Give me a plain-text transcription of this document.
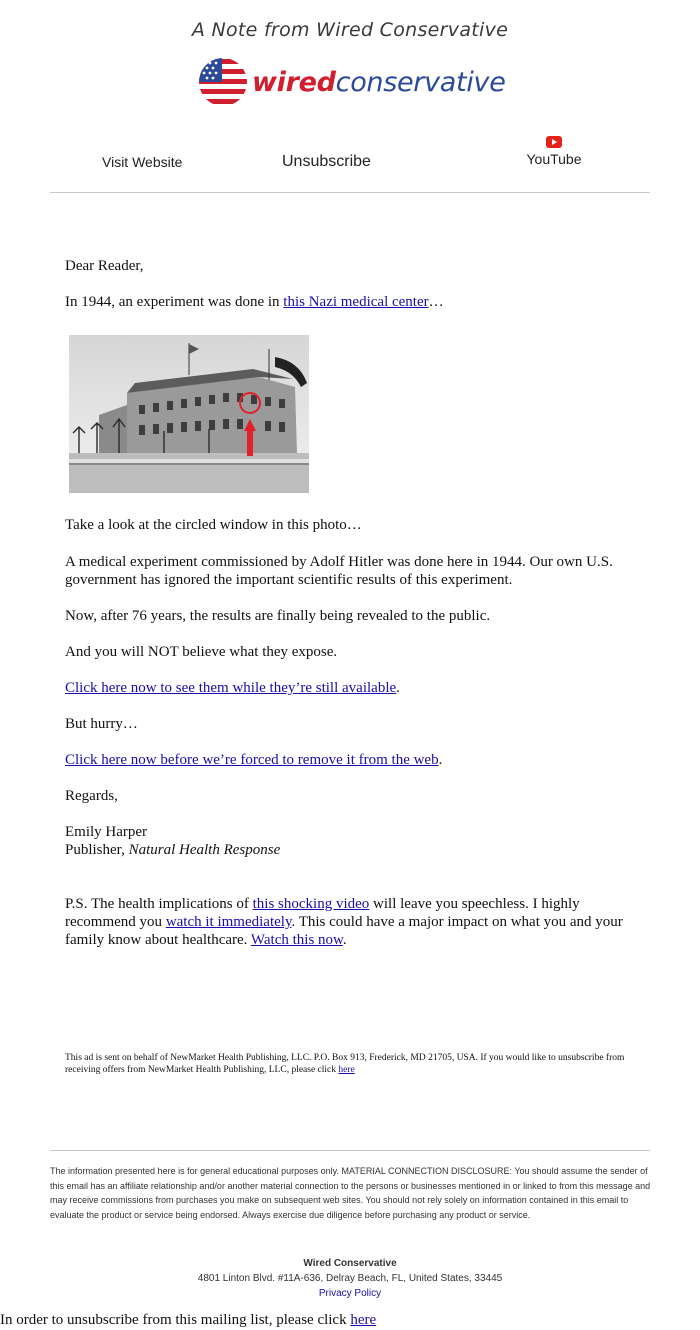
A Note from Wired Conservative
wiredconservative
Visit Website	Unsubscribe	YouTube

Dear Reader,

In 1944, an experiment was done in this Nazi medical center…

Take a look at the circled window in this photo…

A medical experiment commissioned by Adolf Hitler was done here in 1944. Our own U.S. government has ignored the important scientific results of this experiment.

Now, after 76 years, the results are finally being revealed to the public.

And you will NOT believe what they expose.

Click here now to see them while they’re still available.

But hurry…

Click here now before we’re forced to remove it from the web.

Regards,

Emily Harper
Publisher, Natural Health Response

P.S. The health implications of this shocking video will leave you speechless. I highly recommend you watch it immediately. This could have a major impact on what you and your family know about healthcare. Watch this now.

This ad is sent on behalf of NewMarket Health Publishing, LLC. P.O. Box 913, Frederick, MD 21705, USA. If you would like to unsubscribe from receiving offers from NewMarket Health Publishing, LLC, please click here
The information presented here is for general educational purposes only. MATERIAL CONNECTION DISCLOSURE: You should assume the sender of this email has an affiliate relationship and/or another material connection to the persons or businesses mentioned in or linked to from this message and may receive commissions from purchases you make on subsequent web sites. You should not rely solely on information contained in this email to evaluate the product or service being endorsed. Always exercise due diligence before purchasing any product or service.
Wired Conservative
4801 Linton Blvd. #11A-636, Delray Beach, FL, United States, 33445
Privacy Policy
In order to unsubscribe from this mailing list, please click here
